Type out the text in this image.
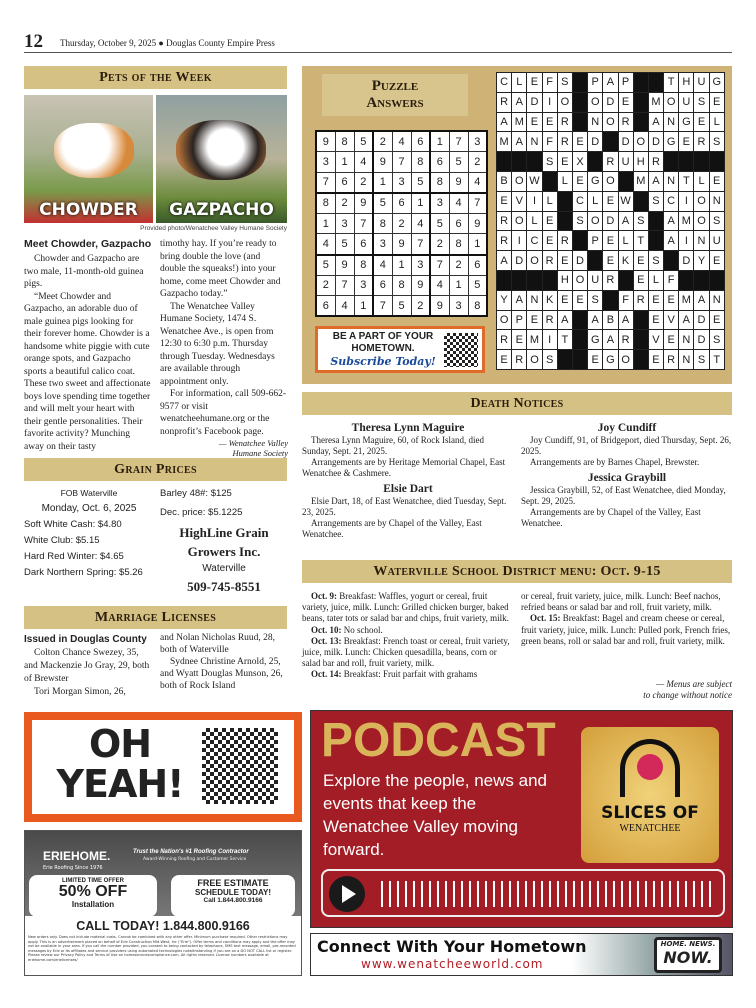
12 Thursday, October 9, 2025 ● Douglas County Empire Press
Pets of the Week
CHOWDER	GAZPACHO
Provided photo/Wenatchee Valley Humane Society

Meet Chowder, Gazpacho

Chowder and Gazpacho are two male, 11-month-old guinea pigs.

“Meet Chowder and Gazpacho, an adorable duo of male guinea pigs looking for their forever home. Chowder is a handsome white piggie with cute orange spots, and Gazpacho sports a beautiful calico coat. These two sweet and affectionate boys love spending time together and will melt your heart with their gentle personalities. Their favorite activity? Munching away on their tasty

timothy hay. If you’re ready to bring double the love (and double the squeaks!) into your home, come meet Chowder and Gazpacho today.”

The Wenatchee Valley Humane Society, 1474 S. Wenatchee Ave., is open from 12:30 to 6:30 p.m. Thursday through Tuesday. Wednesdays are available through appointment only.

For information, call 509-662-9577 or visit wenatcheehumane.org or the nonprofit’s Facebook page.

— Wenatchee Valley
Humane Society
Grain Prices
FOB Waterville
Monday, Oct. 6, 2025
Soft White Cash: $4.80
White Club: $5.15
Hard Red Winter: $4.65
Dark Northern Spring: $5.26
Barley 48#: $125
Dec. price: $5.1225
HighLine Grain Growers Inc.
Waterville
509-745-8551
Marriage Licenses

Issued in Douglas County

Colton Chance Swezey, 35, and Mackenzie Jo Gray, 29, both of Brewster

Tori Morgan Simon, 26,

and Nolan Nicholas Ruud, 28, both of Waterville

Sydnee Christine Arnold, 25, and Wyatt Douglas Munson, 26, both of Rock Island

Puzzle
Answers
9	8	5	2	4	6	1	7	3
3	1	4	9	7	8	6	5	2
7	6	2	1	3	5	8	9	4
8	2	9	5	6	1	3	4	7
1	3	7	8	2	4	5	6	9
4	5	6	3	9	7	2	8	1
5	9	8	4	1	3	7	2	6
2	7	3	6	8	9	4	1	5
6	4	1	7	5	2	9	3	8
BE A PART OF YOUR
HOMETOWN.
Subscribe Today!
C	L	E	F	S		P	A	P			T	H	U	G
R	A	D	I	O		O	D	E		M	O	U	S	E
A	M	E	E	R		N	O	R		A	N	G	E	L
M	A	N	F	R	E	D		D	O	D	G	E	R	S
			S	E	X		R	U	H	R				
B	O	W		L	E	G	O		M	A	N	T	L	E
E	V	I	L		C	L	E	W		S	C	I	O	N
R	O	L	E		S	O	D	A	S		A	M	O	S
R	I	C	E	R		P	E	L	T		A	I	N	U
A	D	O	R	E	D		E	K	E	S		D	Y	E
				H	O	U	R		E	L	F			
Y	A	N	K	E	E	S		F	R	E	E	M	A	N
O	P	E	R	A		A	B	A		E	V	A	D	E
R	E	M	I	T		G	A	R		V	E	N	D	S
E	R	O	S			E	G	O		E	R	N	S	T
Death Notices
Theresa Lynn Maguire

Theresa Lynn Maguire, 60, of Rock Island, died Sunday, Sept. 21, 2025.

Arrangements are by Heritage Memorial Chapel, East Wenatchee & Cashmere.

Elsie Dart

Elsie Dart, 18, of East Wenatchee, died Tuesday, Sept. 23, 2025.

Arrangements are by Chapel of the Valley, East Wenatchee.

Joy Cundiff

Joy Cundiff, 91, of Bridgeport, died Thursday, Sept. 26, 2025.

Arrangements are by Barnes Chapel, Brewster.

Jessica Graybill

Jessica Graybill, 52, of East Wenatchee, died Monday, Sept. 29, 2025.

Arrangements are by Chapel of the Valley, East Wenatchee.

Waterville School District menu: Oct. 9-15

Oct. 9: Breakfast: Waffles, yogurt or cereal, fruit variety, juice, milk. Lunch: Grilled chicken burger, baked beans, tater tots or salad bar and chips, fruit variety, milk.

Oct. 10: No school.

Oct. 13: Breakfast: French toast or cereal, fruit variety, juice, milk. Lunch: Chicken quesadilla, beans, corn or salad bar and roll, fruit variety, milk.

Oct. 14: Breakfast: Fruit parfait with grahams

or cereal, fruit variety, juice, milk. Lunch: Beef nachos, refried beans or salad bar and roll, fruit variety, milk.

Oct. 15: Breakfast: Bagel and cream cheese or cereal, fruit variety, juice, milk. Lunch: Pulled pork, French fries, green beans, roll or salad bar and roll, fruit variety, milk.

— Menus are subject
to change without notice
OH
YEAH!
ERIEHOME.
Erie Roofing Since 1976
Trust the Nation's #1 Roofing Contractor
Award-Winning Roofing and Customer Service
LIMITED TIME OFFER
50% OFF
Installation
FREE ESTIMATE
SCHEDULE TODAY!
Call 1.844.800.9166
CALL TODAY! 1.844.800.9166
New orders only. Does not include material costs. Cannot be combined with any other offer. Minimum purchase required. Other restrictions may apply. This is an advertisement placed on behalf of Erie Construction Mid-West, Inc ("Erie"). Offer terms and conditions may apply and the offer may not be available in your area. If you call the number provided, you consent to being contacted by telephone, SMS text message, email, pre-recorded messages by Erie or its affiliates and service providers using automated technologies notwithstanding if you are on a DO NOT CALL list or register. Please review our Privacy Policy and Terms of Use on homeservicescompliance.com. All rights reserved. License numbers available at eriehome.com/erielicenses/
PODCAST
Explore the people, news and events that keep the Wenatchee Valley moving forward.
SLICES OF
WENATCHEE
Connect With Your Hometown
www.wenatcheeworld.com
HOME. NEWS.
NOW.
